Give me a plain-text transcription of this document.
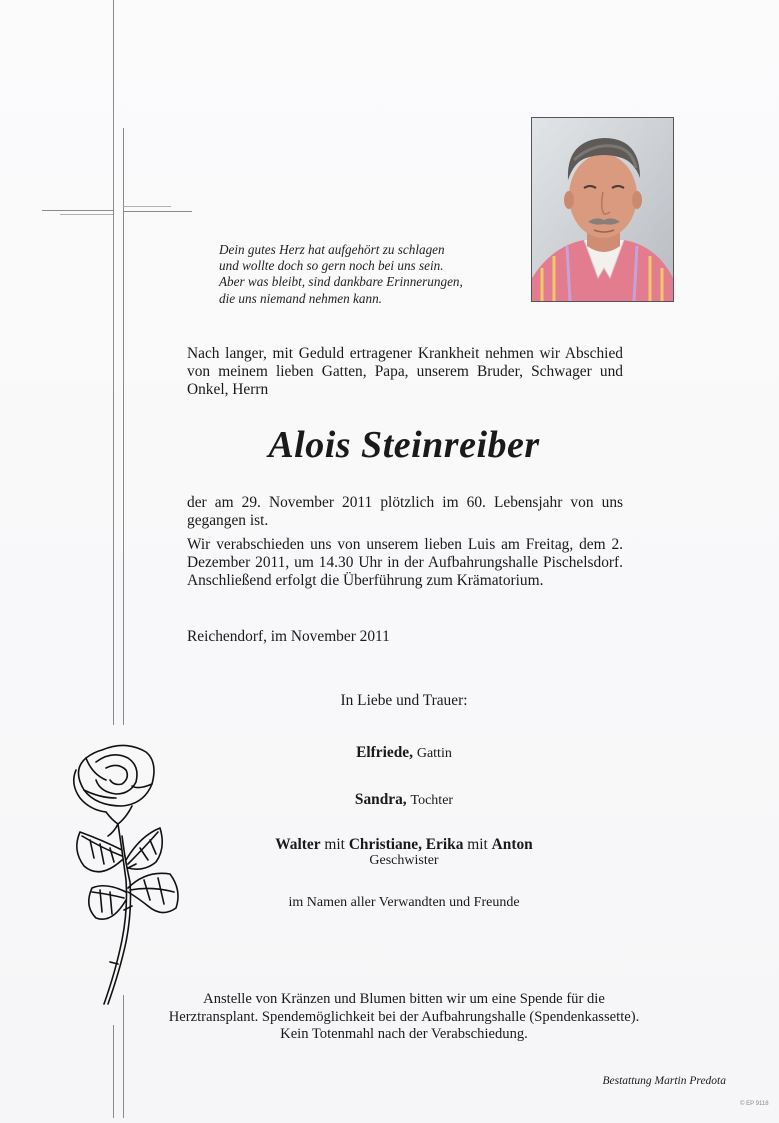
Dein gutes Herz hat aufgehört zu schlagen
und wollte doch so gern noch bei uns sein.
Aber was bleibt, sind dankbare Erinnerungen,
die uns niemand nehmen kann.
Nach langer, mit Geduld ertragener Krankheit nehmen wir Abschied von meinem lieben Gatten, Papa, unserem Bruder, Schwager und Onkel, Herrn
Alois Steinreiber
der am 29. November 2011 plötzlich im 60. Lebensjahr von uns gegangen ist.
Wir verabschieden uns von unserem lieben Luis am Freitag, dem 2. Dezember 2011, um 14.30 Uhr in der Aufbahrungshalle Pischelsdorf. Anschließend erfolgt die Überführung zum Krämatorium.
Reichendorf, im November 2011
In Liebe und Trauer:
Elfriede, Gattin
Sandra, Tochter
Walter mit Christiane, Erika mit Anton
Geschwister
im Namen aller Verwandten und Freunde
Anstelle von Kränzen und Blumen bitten wir um eine Spende für die
Herztransplant. Spendemöglichkeit bei der Aufbahrungshalle (Spendenkassette).
Kein Totenmahl nach der Verabschiedung.
Bestattung Martin Predota
© EP 9118
